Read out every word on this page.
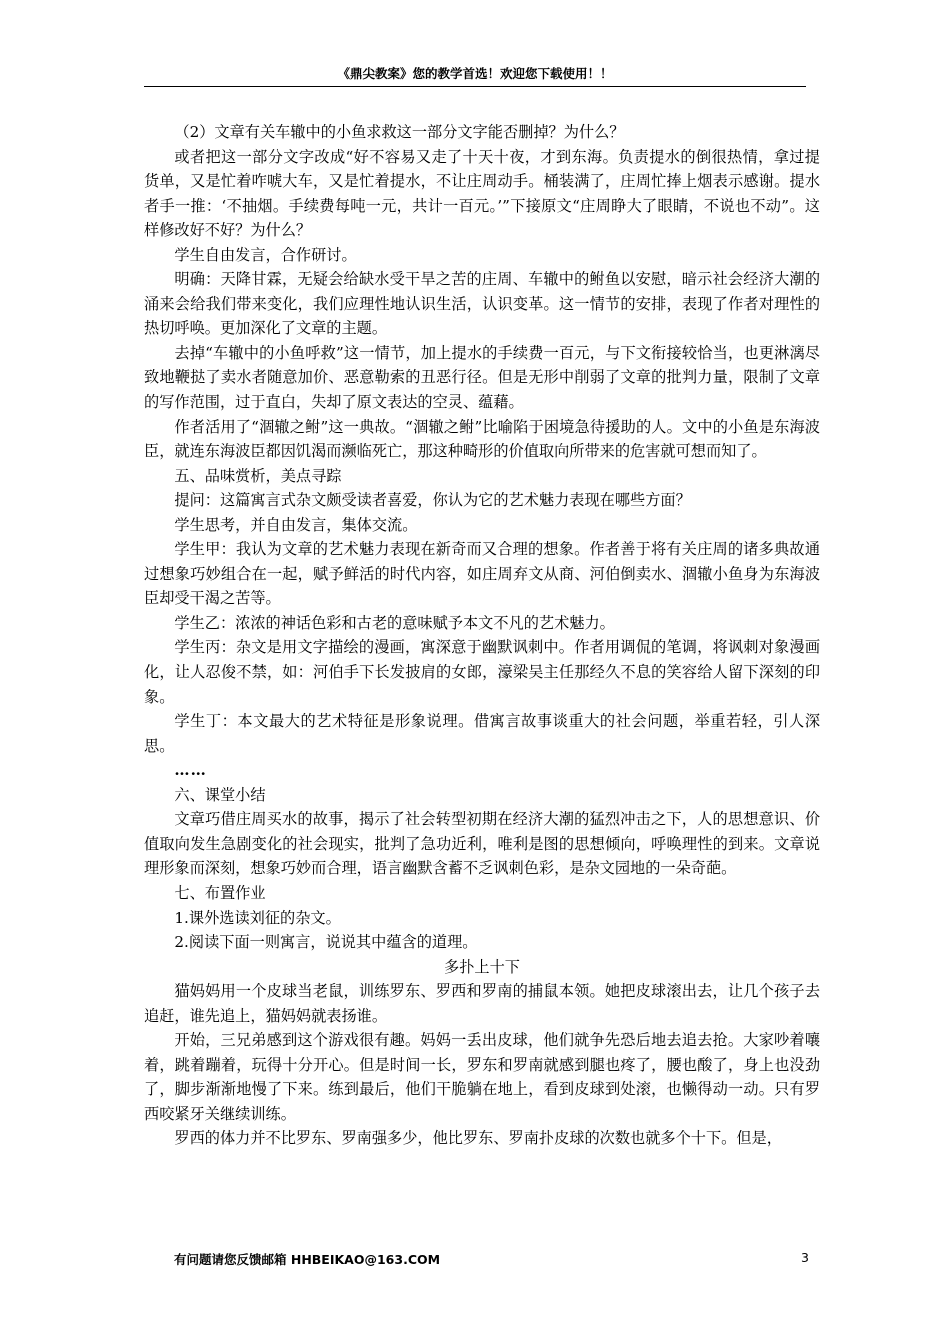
《鼎尖教案》您的教学首选！欢迎您下载使用！！

（2）文章有关车辙中的小鱼求救这一部分文字能否删掉？为什么？

或者把这一部分文字改成“好不容易又走了十天十夜，才到东海。负责提水的倒很热情，拿过提货单，又是忙着咋唬大车，又是忙着提水，不让庄周动手。桶装满了，庄周忙捧上烟表示感谢。提水者手一推：‘不抽烟。手续费每吨一元，共计一百元。’”下接原文“庄周睁大了眼睛，不说也不动”。这样修改好不好？为什么？

学生自由发言，合作研讨。

明确：天降甘霖，无疑会给缺水受干旱之苦的庄周、车辙中的鲋鱼以安慰，暗示社会经济大潮的涌来会给我们带来变化，我们应理性地认识生活，认识变革。这一情节的安排，表现了作者对理性的热切呼唤。更加深化了文章的主题。

去掉“车辙中的小鱼呼救”这一情节，加上提水的手续费一百元，与下文衔接较恰当，也更淋漓尽致地鞭挞了卖水者随意加价、恶意勒索的丑恶行径。但是无形中削弱了文章的批判力量，限制了文章的写作范围，过于直白，失却了原文表达的空灵、蕴藉。

作者活用了“涸辙之鲋”这一典故。“涸辙之鲋”比喻陷于困境急待援助的人。文中的小鱼是东海波臣，就连东海波臣都因饥渴而濒临死亡，那这种畸形的价值取向所带来的危害就可想而知了。

五、品味赏析，美点寻踪

提问：这篇寓言式杂文颇受读者喜爱，你认为它的艺术魅力表现在哪些方面？

学生思考，并自由发言，集体交流。

学生甲：我认为文章的艺术魅力表现在新奇而又合理的想象。作者善于将有关庄周的诸多典故通过想象巧妙组合在一起，赋予鲜活的时代内容，如庄周弃文从商、河伯倒卖水、涸辙小鱼身为东海波臣却受干渴之苦等。

学生乙：浓浓的神话色彩和古老的意味赋予本文不凡的艺术魅力。

学生丙：杂文是用文字描绘的漫画，寓深意于幽默讽刺中。作者用调侃的笔调，将讽刺对象漫画化，让人忍俊不禁，如：河伯手下长发披肩的女郎，濠梁吴主任那经久不息的笑容给人留下深刻的印象。

学生丁：本文最大的艺术特征是形象说理。借寓言故事谈重大的社会问题，举重若轻，引人深思。

……

六、课堂小结

文章巧借庄周买水的故事，揭示了社会转型初期在经济大潮的猛烈冲击之下，人的思想意识、价值取向发生急剧变化的社会现实，批判了急功近利，唯利是图的思想倾向，呼唤理性的到来。文章说理形象而深刻，想象巧妙而合理，语言幽默含蓄不乏讽刺色彩，是杂文园地的一朵奇葩。

七、布置作业

1.课外选读刘征的杂文。

2.阅读下面一则寓言，说说其中蕴含的道理。

多扑上十下

猫妈妈用一个皮球当老鼠，训练罗东、罗西和罗南的捕鼠本领。她把皮球滚出去，让几个孩子去追赶，谁先追上，猫妈妈就表扬谁。

开始，三兄弟感到这个游戏很有趣。妈妈一丢出皮球，他们就争先恐后地去追去抢。大家吵着嚷着，跳着蹦着，玩得十分开心。但是时间一长，罗东和罗南就感到腿也疼了，腰也酸了，身上也没劲了，脚步渐渐地慢了下来。练到最后，他们干脆躺在地上，看到皮球到处滚，也懒得动一动。只有罗西咬紧牙关继续训练。

罗西的体力并不比罗东、罗南强多少，他比罗东、罗南扑皮球的次数也就多个十下。但是，

有问题请您反馈邮箱 HHBEIKAO@163.COM	3
